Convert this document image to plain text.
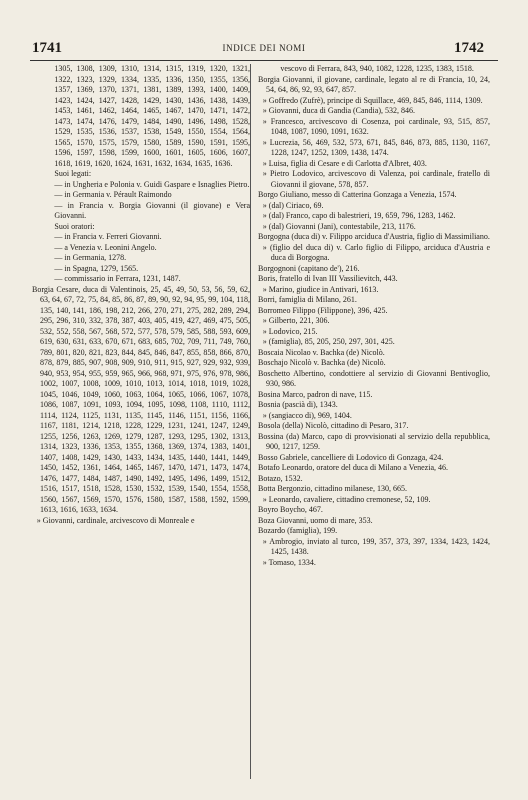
1741	INDICE DEI NOMI	1742
1305, 1308, 1309, 1310, 1314, 1315, 1319, 1320, 1321, 1322, 1323, 1329, 1334, 1335, 1336, 1350, 1355, 1356, 1357, 1369, 1370, 1371, 1381, 1389, 1393, 1400, 1409, 1423, 1424, 1427, 1428, 1429, 1430, 1436, 1438, 1439, 1453, 1461, 1462, 1464, 1465, 1467, 1470, 1471, 1472, 1473, 1474, 1476, 1479, 1484, 1490, 1496, 1498, 1528, 1529, 1535, 1536, 1537, 1538, 1549, 1550, 1554, 1564, 1565, 1570, 1575, 1579, 1580, 1589, 1590, 1591, 1595, 1596, 1597, 1598, 1599, 1600, 1601, 1605, 1606, 1607, 1618, 1619, 1620, 1624, 1631, 1632, 1634, 1635, 1636.
Suoi legati:
— in Ungheria e Polonia v. Guidi Gaspare e Isnaglies Pietro.
— in Germania v. Pérault Raimondo
— in Francia v. Borgia Giovanni (il giovane) e Vera Giovanni.
Suoi oratori:
— in Francia v. Ferreri Giovanni.
— a Venezia v. Leonini Angelo.
— in Germania, 1278.
— in Spagna, 1279, 1565.
— commissario in Ferrara, 1231, 1487.
Borgia Cesare, duca di Valentinois, 25, 45, 49, 50, 53, 56, 59, 62, 63, 64, 67, 72, 75, 84, 85, 86, 87, 89, 90, 92, 94, 95, 99, 104, 118, 135, 140, 141, 186, 198, 212, 266, 270, 271, 275, 282, 289, 294, 295, 296, 310, 332, 378, 387, 403, 405, 419, 427, 469, 475, 505, 532, 552, 558, 567, 568, 572, 577, 578, 579, 585, 588, 593, 609, 619, 630, 631, 633, 670, 671, 683, 685, 702, 709, 711, 749, 760, 789, 801, 820, 821, 823, 844, 845, 846, 847, 855, 858, 866, 870, 878, 879, 885, 907, 908, 909, 910, 911, 915, 927, 929, 932, 939, 940, 953, 954, 955, 959, 965, 966, 968, 971, 975, 976, 978, 986, 1002, 1007, 1008, 1009, 1010, 1013, 1014, 1018, 1019, 1028, 1045, 1046, 1049, 1060, 1063, 1064, 1065, 1066, 1067, 1078, 1086, 1087, 1091, 1093, 1094, 1095, 1098, 1108, 1110, 1112, 1114, 1124, 1125, 1131, 1135, 1145, 1146, 1151, 1156, 1166, 1167, 1181, 1214, 1218, 1228, 1229, 1231, 1241, 1247, 1249, 1255, 1256, 1263, 1269, 1279, 1287, 1293, 1295, 1302, 1313, 1314, 1323, 1336, 1353, 1355, 1368, 1369, 1374, 1383, 1401, 1407, 1408, 1429, 1430, 1433, 1434, 1435, 1440, 1441, 1449, 1450, 1452, 1361, 1464, 1465, 1467, 1470, 1471, 1473, 1474, 1476, 1477, 1484, 1487, 1490, 1492, 1495, 1496, 1499, 1512, 1516, 1517, 1518, 1528, 1530, 1532, 1539, 1540, 1554, 1558, 1560, 1567, 1569, 1570, 1576, 1580, 1587, 1588, 1592, 1599, 1613, 1616, 1633, 1634.
» Giovanni, cardinale, arcivescovo di Monreale e
vescovo di Ferrara, 843, 940, 1082, 1228, 1235, 1383, 1518.
Borgia Giovanni, il giovane, cardinale, legato al re di Francia, 10, 24, 54, 64, 86, 92, 93, 647, 857.
» Goffredo (Zufrè), principe di Squillace, 469, 845, 846, 1114, 1309.
» Giovanni, duca di Gandia (Candia), 532, 846.
» Francesco, arcivescovo di Cosenza, poi cardinale, 93, 515, 857, 1048, 1087, 1090, 1091, 1632.
» Lucrezia, 56, 469, 532, 573, 671, 845, 846, 873, 885, 1130, 1167, 1228, 1247, 1252, 1309, 1438, 1474.
» Luisa, figlia di Cesare e di Carlotta d'Albret, 403.
» Pietro Lodovico, arcivescovo di Valenza, poi cardinale, fratello di Giovanni il giovane, 578, 857.
Borgo Giuliano, messo di Catterina Gonzaga a Venezia, 1574.
» (dal) Ciriaco, 69.
» (dal) Franco, capo di balestrieri, 19, 659, 796, 1283, 1462.
» (dal) Giovanni (Jani), contestabile, 213, 1176.
Borgogna (duca di) v. Filippo arciduca d'Austria, figlio di Massimiliano.
» (figlio del duca di) v. Carlo figlio di Filippo, arciduca d'Austria e duca di Borgogna.
Borgognoni (capitano de'), 216.
Boris, fratello di Ivan III Vassilievitch, 443.
» Marino, giudice in Antivari, 1613.
Borri, famiglia di Milano, 261.
Borromeo Filippo (Filippone), 396, 425.
» Gilberto, 221, 306.
» Lodovico, 215.
» (famiglia), 85, 205, 250, 297, 301, 425.
Boscaia Nicolao v. Bachka (de) Nicolò.
Boschajo Nicolò v. Bachka (de) Nicolò.
Boschetto Albertino, condottiere al servizio di Giovanni Bentivoglio, 930, 986.
Bosina Marco, padron di nave, 115.
Bosnia (pascià di), 1343.
» (sangiacco di), 969, 1404.
Bosola (della) Nicolò, cittadino di Pesaro, 317.
Bossina (da) Marco, capo di provvisionati al servizio della repubblica, 900, 1217, 1259.
Bosso Gabriele, cancelliere di Lodovico di Gonzaga, 424.
Botafo Leonardo, oratore del duca di Milano a Venezia, 46.
Botazo, 1532.
Botta Bergonzio, cittadino milanese, 130, 665.
» Leonardo, cavaliere, cittadino cremonese, 52, 109.
Boyro Boycho, 467.
Boza Giovanni, uomo di mare, 353.
Bozardo (famiglia), 199.
» Ambrogio, inviato al turco, 199, 357, 373, 397, 1334, 1423, 1424, 1425, 1438.
» Tomaso, 1334.
